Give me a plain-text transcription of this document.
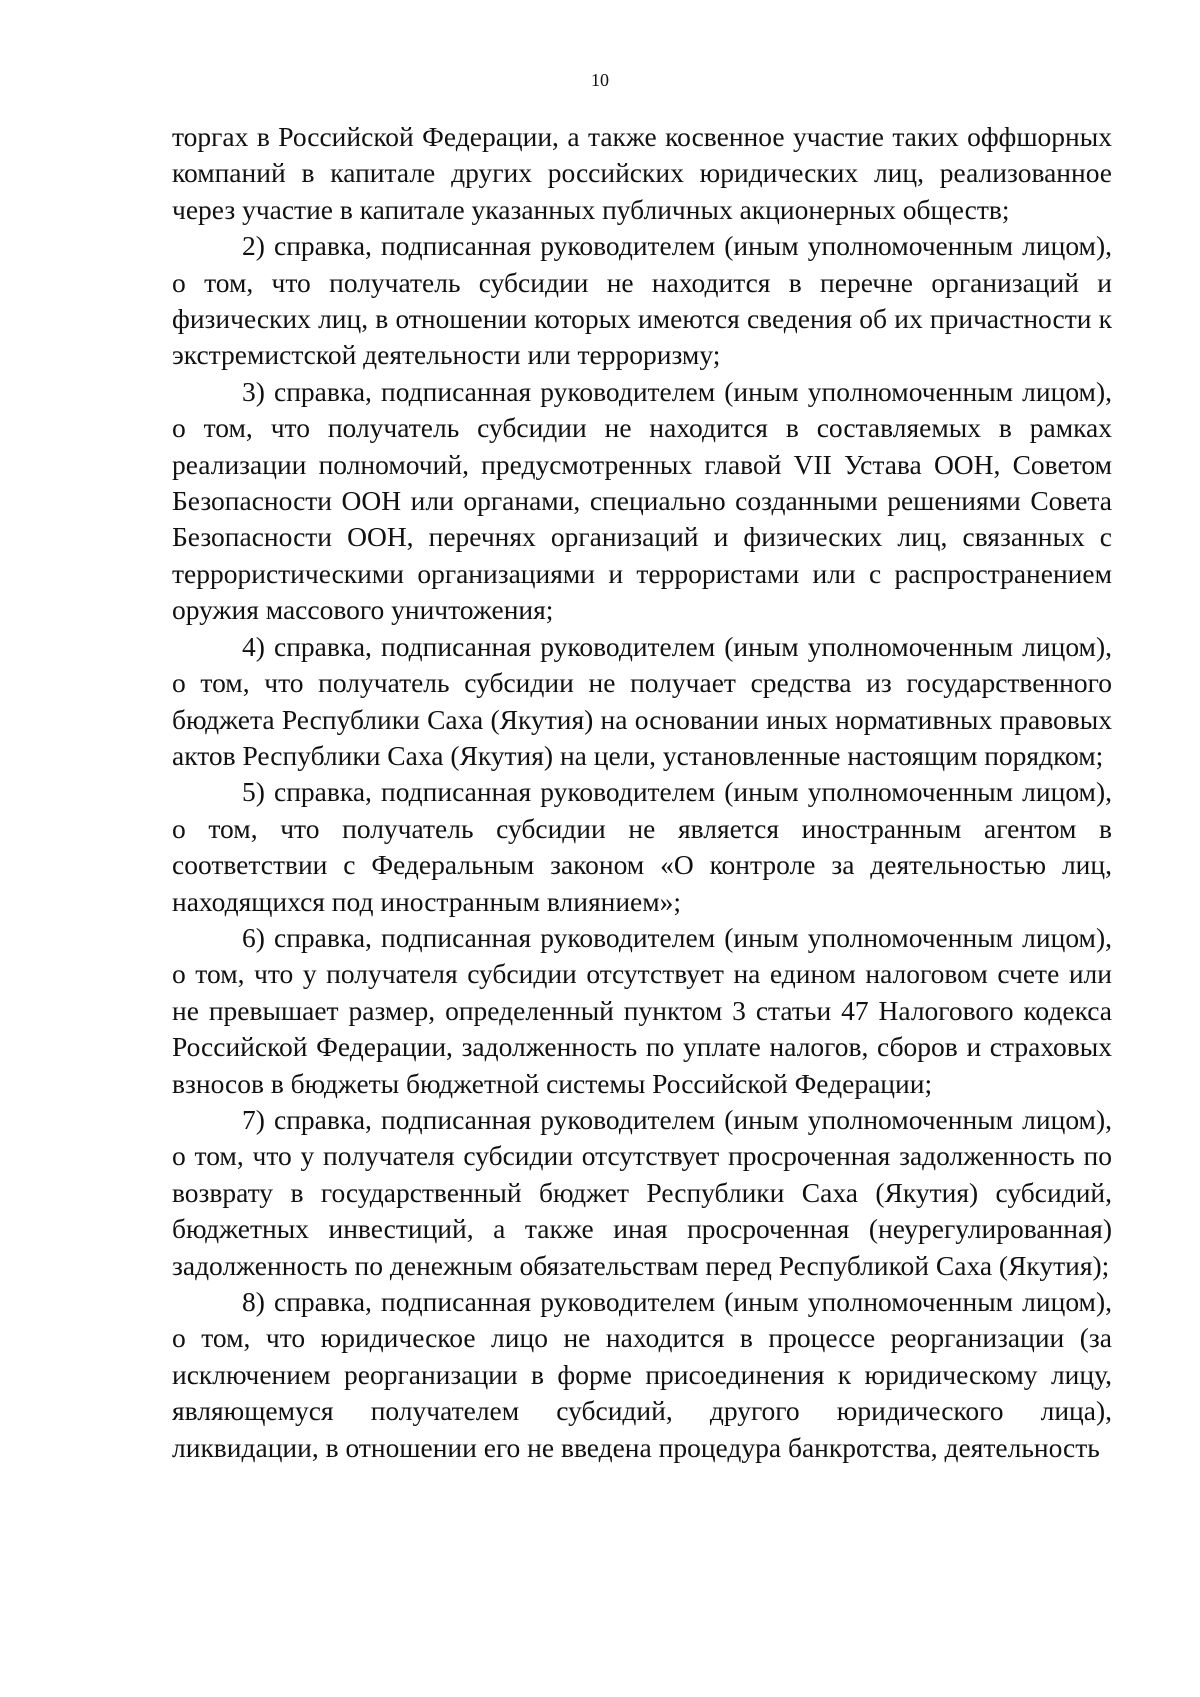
10

торгах в Российской Федерации, а также косвенное участие таких оффшорных компаний в капитале других российских юридических лиц, реализованное через участие в капитале указанных публичных акционерных обществ;

2) справка, подписанная руководителем (иным уполномоченным лицом), о том, что получатель субсидии не находится в перечне организаций и физических лиц, в отношении которых имеются сведения об их причастности к экстремистской деятельности или терроризму;

3) справка, подписанная руководителем (иным уполномоченным лицом), о том, что получатель субсидии не находится в составляемых в рамках реализации полномочий, предусмотренных главой VII Устава ООН, Советом Безопасности ООН или органами, специально созданными решениями Совета Безопасности ООН, перечнях организаций и физических лиц, связанных с террористическими организациями и террористами или с распространением оружия массового уничтожения;

4) справка, подписанная руководителем (иным уполномоченным лицом), о том, что получатель субсидии не получает средства из государственного бюджета Республики Саха (Якутия) на основании иных нормативных правовых актов Республики Саха (Якутия) на цели, установленные настоящим порядком;

5) справка, подписанная руководителем (иным уполномоченным лицом), о том, что получатель субсидии не является иностранным агентом в соответствии с Федеральным законом «О контроле за деятельностью лиц, находящихся под иностранным влиянием»;

6) справка, подписанная руководителем (иным уполномоченным лицом), о том, что у получателя субсидии отсутствует на едином налоговом счете или не превышает размер, определенный пунктом 3 статьи 47 Налогового кодекса Российской Федерации, задолженность по уплате налогов, сборов и страховых взносов в бюджеты бюджетной системы Российской Федерации;

7) справка, подписанная руководителем (иным уполномоченным лицом), о том, что у получателя субсидии отсутствует просроченная задолженность по возврату в государственный бюджет Республики Саха (Якутия) субсидий, бюджетных инвестиций, а также иная просроченная (неурегулированная) задолженность по денежным обязательствам перед Республикой Саха (Якутия);

8) справка, подписанная руководителем (иным уполномоченным лицом), о том, что юридическое лицо не находится в процессе реорганизации (за исключением реорганизации в форме присоединения к юридическому лицу, являющемуся получателем субсидий, другого юридического лица), ликвидации, в отношении его не введена процедура банкротства, деятельность
